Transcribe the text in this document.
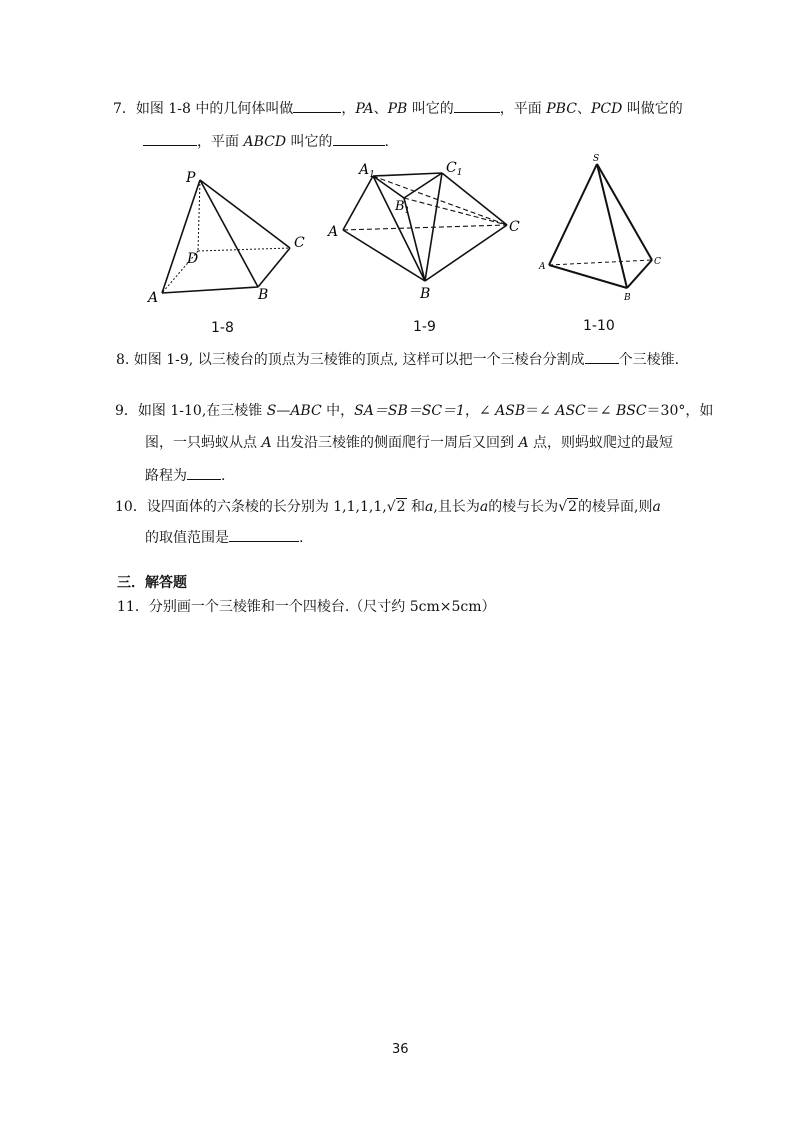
7．如图 1-8 中的几何体叫做	，PA、PB 叫它的	，平面 PBC、PCD 叫做它的
，平面 ABCD 叫它的	.
P
D
C
A	B
1-8
$A_1$	$C_1$
$B_1$
A	C
B
1-9
S
A	C
B
1-10
8. 如图 1-9, 以三棱台的顶点为三棱锥的顶点, 这样可以把一个三棱台分割成 个三棱锥.
9．如图 1-10,在三棱锥 S—ABC 中，SA＝SB＝SC＝1，∠ ASB＝∠ ASC＝∠ BSC＝30°，如
图，一只蚂蚁从点 A 出发沿三棱锥的侧面爬行一周后又回到 A 点，则蚂蚁爬过的最短
路程为 .
10．设四面体的六条棱的长分别为 1,1,1,1,√2 和a,且长为a的棱与长为√2的棱异面,则a
的取值范围是	.
三．解答题
11．分别画一个三棱锥和一个四棱台.（尺寸约 5cm×5cm）
36
